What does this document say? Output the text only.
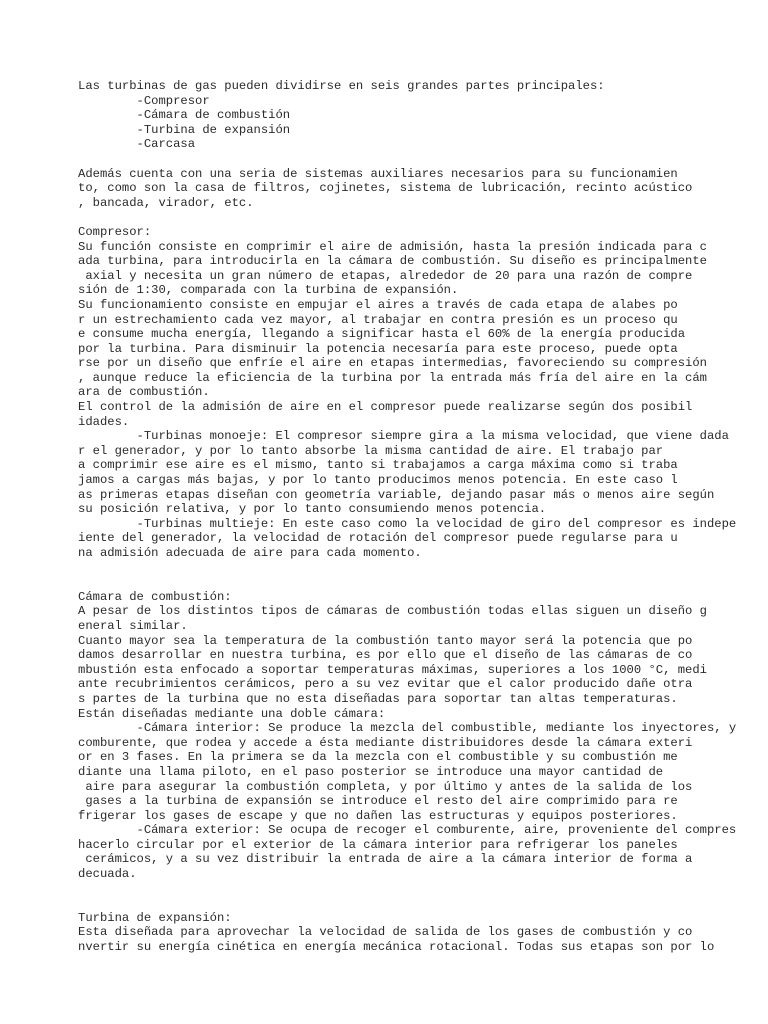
Las turbinas de gas pueden dividirse en seis grandes partes principales:
-Compresor
-Cámara de combustión
-Turbina de expansión
-Carcasa
Además cuenta con una seria de sistemas auxiliares necesarios para su funcionamien
to, como son la casa de filtros, cojinetes, sistema de lubricación, recinto acústico
, bancada, virador, etc.
Compresor:
Su función consiste en comprimir el aire de admisión, hasta la presión indicada para c
ada turbina, para introducirla en la cámara de combustión. Su diseño es principalmente
axial y necesita un gran número de etapas, alrededor de 20 para una razón de compre
sión de 1:30, comparada con la turbina de expansión.
Su funcionamiento consiste en empujar el aires a través de cada etapa de alabes po
r un estrechamiento cada vez mayor, al trabajar en contra presión es un proceso qu
e consume mucha energía, llegando a significar hasta el 60% de la energía producida
por la turbina. Para disminuir la potencia necesaría para este proceso, puede opta
rse por un diseño que enfríe el aire en etapas intermedias, favoreciendo su compresión
, aunque reduce la eficiencia de la turbina por la entrada más fría del aire en la cám
ara de combustión.
El control de la admisión de aire en el compresor puede realizarse según dos posibil
idades.
-Turbinas monoeje: El compresor siempre gira a la misma velocidad, que viene dada
r el generador, y por lo tanto absorbe la misma cantidad de aire. El trabajo par
a comprimir ese aire es el mismo, tanto si trabajamos a carga máxima como si traba
jamos a cargas más bajas, y por lo tanto producimos menos potencia. En este caso l
as primeras etapas diseñan con geometría variable, dejando pasar más o menos aire según
su posición relativa, y por lo tanto consumiendo menos potencia.
-Turbinas multieje: En este caso como la velocidad de giro del compresor es indepe
iente del generador, la velocidad de rotación del compresor puede regularse para u
na admisión adecuada de aire para cada momento.
Cámara de combustión:
A pesar de los distintos tipos de cámaras de combustión todas ellas siguen un diseño g
eneral similar.
Cuanto mayor sea la temperatura de la combustión tanto mayor será la potencia que po
damos desarrollar en nuestra turbina, es por ello que el diseño de las cámaras de co
mbustión esta enfocado a soportar temperaturas máximas, superiores a los 1000 °C, medi
ante recubrimientos cerámicos, pero a su vez evitar que el calor producido dañe otra
s partes de la turbina que no esta diseñadas para soportar tan altas temperaturas.
Están diseñadas mediante una doble cámara:
-Cámara interior: Se produce la mezcla del combustible, mediante los inyectores, y
comburente, que rodea y accede a ésta mediante distribuidores desde la cámara exteri
or en 3 fases. En la primera se da la mezcla con el combustible y su combustión me
diante una llama piloto, en el paso posterior se introduce una mayor cantidad de
aire para asegurar la combustión completa, y por último y antes de la salida de los
gases a la turbina de expansión se introduce el resto del aire comprimido para re
frigerar los gases de escape y que no dañen las estructuras y equipos posteriores.
-Cámara exterior: Se ocupa de recoger el comburente, aire, proveniente del compres
hacerlo circular por el exterior de la cámara interior para refrigerar los paneles
cerámicos, y a su vez distribuir la entrada de aire a la cámara interior de forma a
decuada.
Turbina de expansión:
Esta diseñada para aprovechar la velocidad de salida de los gases de combustión y co
nvertir su energía cinética en energía mecánica rotacional. Todas sus etapas son por lo
